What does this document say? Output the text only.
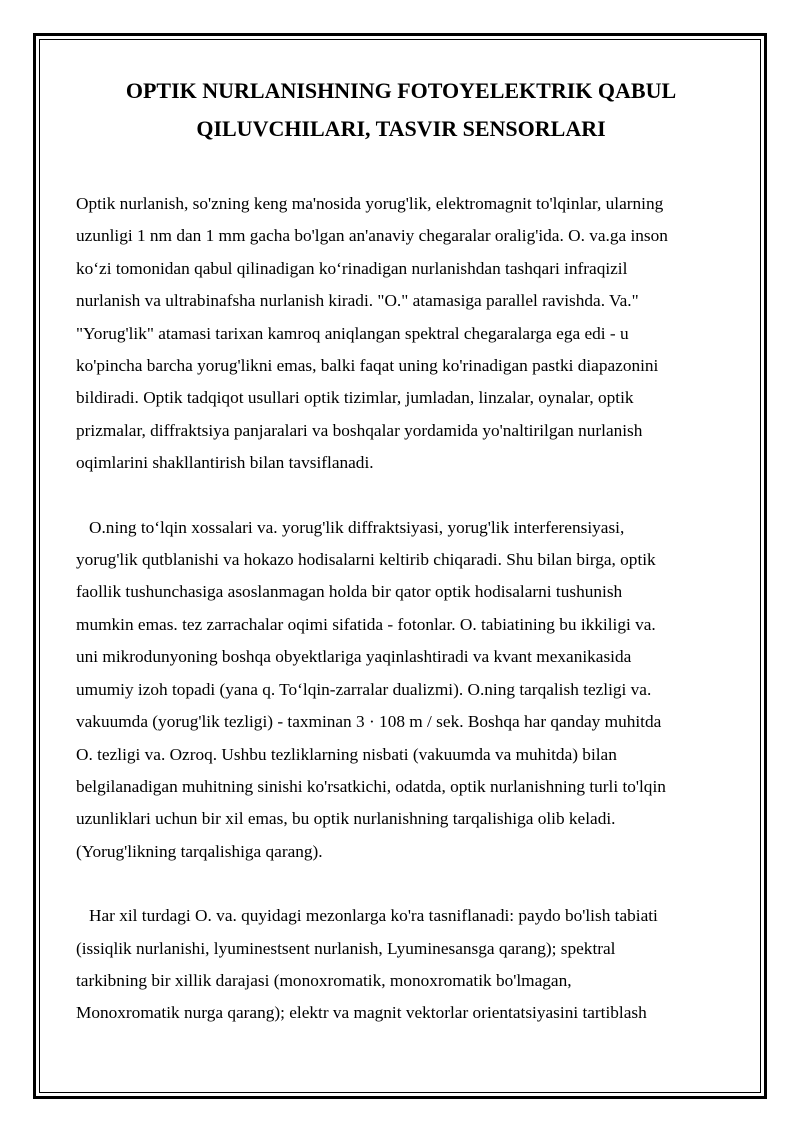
OPTIK NURLANISHNING FOTOYELEKTRIK QABUL
QILUVCHILARI, TASVIR SENSORLARI

Optik nurlanish, so'zning keng ma'nosida yorug'lik, elektromagnit to'lqinlar, ularning
uzunligi 1 nm dan 1 mm gacha bo'lgan an'anaviy chegaralar oralig'ida. O. va.ga inson
koʻzi tomonidan qabul qilinadigan koʻrinadigan nurlanishdan tashqari infraqizil
nurlanish va ultrabinafsha nurlanish kiradi. "O." atamasiga parallel ravishda. Va."
"Yorug'lik" atamasi tarixan kamroq aniqlangan spektral chegaralarga ega edi - u
ko'pincha barcha yorug'likni emas, balki faqat uning ko'rinadigan pastki diapazonini
bildiradi. Optik tadqiqot usullari optik tizimlar, jumladan, linzalar, oynalar, optik
prizmalar, diffraktsiya panjaralari va boshqalar yordamida yo'naltirilgan nurlanish
oqimlarini shakllantirish bilan tavsiflanadi.

O.ning toʻlqin xossalari va. yorug'lik diffraktsiyasi, yorug'lik interferensiyasi,
yorug'lik qutblanishi va hokazo hodisalarni keltirib chiqaradi. Shu bilan birga, optik
faollik tushunchasiga asoslanmagan holda bir qator optik hodisalarni tushunish
mumkin emas. tez zarrachalar oqimi sifatida - fotonlar. O. tabiatining bu ikkiligi va.
uni mikrodunyoning boshqa obyektlariga yaqinlashtiradi va kvant mexanikasida
umumiy izoh topadi (yana q. Toʻlqin-zarralar dualizmi). O.ning tarqalish tezligi va.
vakuumda (yorug'lik tezligi) - taxminan 3 · 108 m / sek. Boshqa har qanday muhitda
O. tezligi va. Ozroq. Ushbu tezliklarning nisbati (vakuumda va muhitda) bilan
belgilanadigan muhitning sinishi ko'rsatkichi, odatda, optik nurlanishning turli to'lqin
uzunliklari uchun bir xil emas, bu optik nurlanishning tarqalishiga olib keladi.
(Yorug'likning tarqalishiga qarang).

Har xil turdagi O. va. quyidagi mezonlarga ko'ra tasniflanadi: paydo bo'lish tabiati
(issiqlik nurlanishi, lyuminestsent nurlanish, Lyuminesansga qarang); spektral
tarkibning bir xillik darajasi (monoxromatik, monoxromatik bo'lmagan,
Monoxromatik nurga qarang); elektr va magnit vektorlar orientatsiyasini tartiblash
